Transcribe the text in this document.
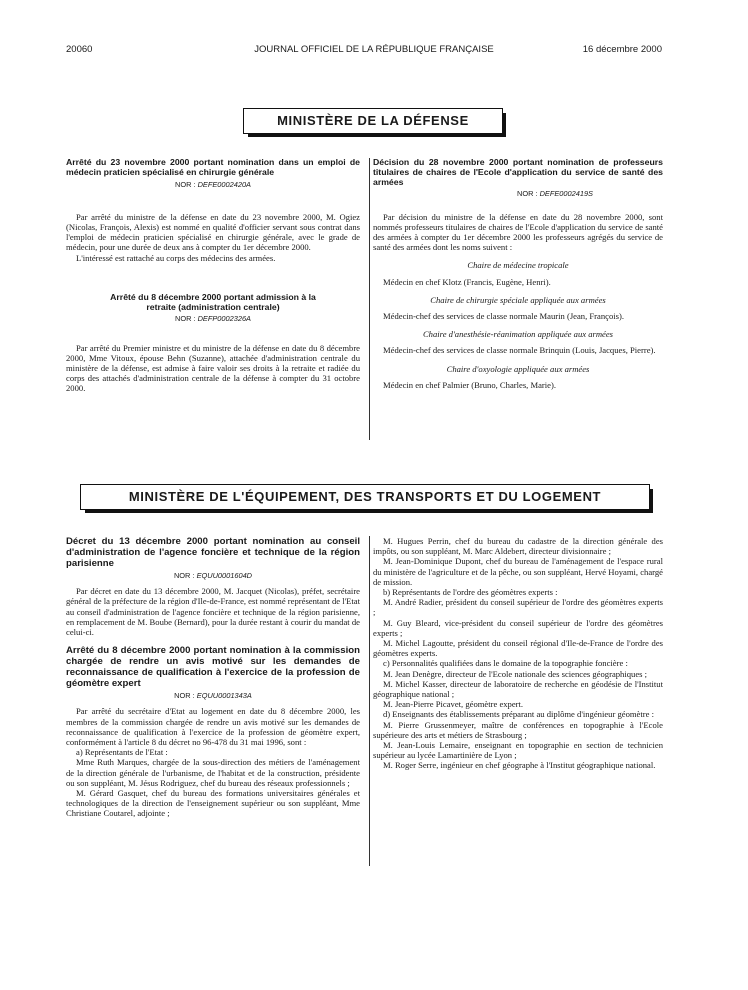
20060	JOURNAL OFFICIEL DE LA RÉPUBLIQUE FRANÇAISE	16 décembre 2000
MINISTÈRE DE LA DÉFENSE
Arrêté du 23 novembre 2000 portant nomination dans un emploi de médecin praticien spécialisé en chirurgie générale
NOR : DEFE0002420A

Par arrêté du ministre de la défense en date du 23 novembre 2000, M. Ogiez (Nicolas, François, Alexis) est nommé en qualité d'officier servant sous contrat dans l'emploi de médecin praticien spécialisé en chirurgie générale, avec le grade de médecin, pour une durée de deux ans à compter du 1er décembre 2000.

L'intéressé est rattaché au corps des médecins des armées.

Arrêté du 8 décembre 2000 portant admission à la retraite (administration centrale)
NOR : DEFP0002326A

Par arrêté du Premier ministre et du ministre de la défense en date du 8 décembre 2000, Mme Vitoux, épouse Behn (Suzanne), attachée d'administration centrale du ministère de la défense, est admise à faire valoir ses droits à la retraite et radiée du corps des attachés d'administration centrale de la défense à compter du 31 octobre 2000.

Décision du 28 novembre 2000 portant nomination de professeurs titulaires de chaires de l'Ecole d'application du service de santé des armées
NOR : DEFE0002419S

Par décision du ministre de la défense en date du 28 novembre 2000, sont nommés professeurs titulaires de chaires de l'Ecole d'application du service de santé des armées à compter du 1er décembre 2000 les professeurs agrégés du service de santé des armées dont les noms suivent :

Chaire de médecine tropicale

Médecin en chef Klotz (Francis, Eugène, Henri).

Chaire de chirurgie spéciale appliquée aux armées

Médecin-chef des services de classe normale Maurin (Jean, François).

Chaire d'anesthésie-réanimation appliquée aux armées

Médecin-chef des services de classe normale Brinquin (Louis, Jacques, Pierre).

Chaire d'oxyologie appliquée aux armées

Médecin en chef Palmier (Bruno, Charles, Marie).

MINISTÈRE DE L'ÉQUIPEMENT, DES TRANSPORTS ET DU LOGEMENT
Décret du 13 décembre 2000 portant nomination au conseil d'administration de l'agence foncière et technique de la région parisienne
NOR : EQUU0001604D

Par décret en date du 13 décembre 2000, M. Jacquet (Nicolas), préfet, secrétaire général de la préfecture de la région d'Ile-de-France, est nommé représentant de l'Etat au conseil d'administration de l'agence foncière et technique de la région parisienne, en remplacement de M. Boube (Bernard), pour la durée restant à courir du mandat de celui-ci.

Arrêté du 8 décembre 2000 portant nomination à la commission chargée de rendre un avis motivé sur les demandes de reconnaissance de qualification à l'exercice de la profession de géomètre expert
NOR : EQUU0001343A

Par arrêté du secrétaire d'Etat au logement en date du 8 décembre 2000, les membres de la commission chargée de rendre un avis motivé sur les demandes de reconnaissance de qualification à l'exercice de la profession de géomètre expert, conformément à l'article 8 du décret no 96-478 du 31 mai 1996, sont :

a) Représentants de l'Etat :

Mme Ruth Marques, chargée de la sous-direction des métiers de l'aménagement de la direction générale de l'urbanisme, de l'habitat et de la construction, présidente ou son suppléant, M. Jésus Rodriguez, chef du bureau des réseaux professionnels ;

M. Gérard Gasquet, chef du bureau des formations universitaires générales et technologiques de la direction de l'enseignement supérieur ou son suppléant, Mme Christiane Coutarel, adjointe ;

M. Hugues Perrin, chef du bureau du cadastre de la direction générale des impôts, ou son suppléant, M. Marc Aldebert, directeur divisionnaire ;

M. Jean-Dominique Dupont, chef du bureau de l'aménagement de l'espace rural du ministère de l'agriculture et de la pêche, ou son suppléant, Hervé Hoyami, chargé de mission.

b) Représentants de l'ordre des géomètres experts :

M. André Radier, président du conseil supérieur de l'ordre des géomètres experts ;

M. Guy Bleard, vice-président du conseil supérieur de l'ordre des géomètres experts ;

M. Michel Lagoutte, président du conseil régional d'Ile-de-France de l'ordre des géomètres experts.

c) Personnalités qualifiées dans le domaine de la topographie foncière :

M. Jean Denègre, directeur de l'Ecole nationale des sciences géographiques ;

M. Michel Kasser, directeur de laboratoire de recherche en géodésie de l'Institut géographique national ;

M. Jean-Pierre Picavet, géomètre expert.

d) Enseignants des établissements préparant au diplôme d'ingénieur géomètre :

M. Pierre Grussenmeyer, maître de conférences en topographie à l'Ecole supérieure des arts et métiers de Strasbourg ;

M. Jean-Louis Lemaire, enseignant en topographie en section de technicien supérieur au lycée Lamartinière de Lyon ;

M. Roger Serre, ingénieur en chef géographe à l'Institut géographique national.
